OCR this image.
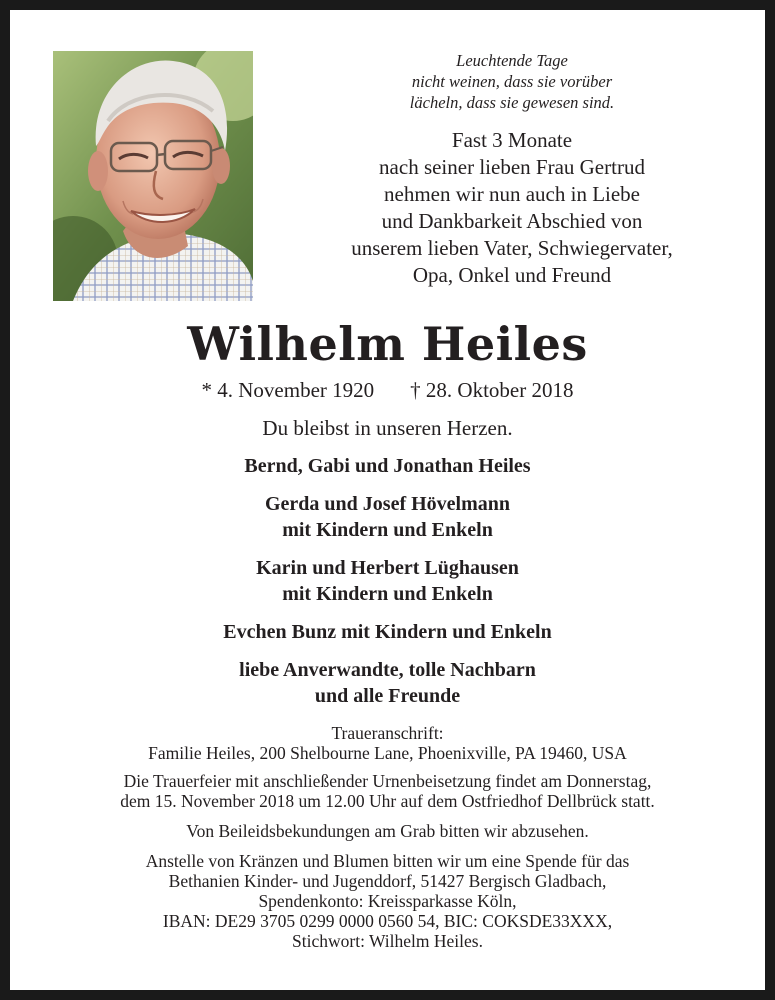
Leuchtende Tage

nicht weinen, dass sie vorüber

lächeln, dass sie gewesen sind.

Fast 3 Monate

nach seiner lieben Frau Gertrud

nehmen wir nun auch in Liebe

und Dankbarkeit Abschied von

unserem lieben Vater, Schwiegervater,

Opa, Onkel und Freund

Wilhelm Heiles
* 4. November 1920 † 28. Oktober 2018

Du bleibst in unseren Herzen.

Bernd, Gabi und Jonathan Heiles

Gerda und Josef Hövelmann
mit Kindern und Enkeln

Karin und Herbert Lüghausen
mit Kindern und Enkeln

Evchen Bunz mit Kindern und Enkeln

liebe Anverwandte, tolle Nachbarn
und alle Freunde

Traueranschrift:
Familie Heiles, 200 Shelbourne Lane, Phoenixville, PA 19460, USA

Die Trauerfeier mit anschließender Urnenbeisetzung findet am Donnerstag,
dem 15. November 2018 um 12.00 Uhr auf dem Ostfriedhof Dellbrück statt.

Von Beileidsbekundungen am Grab bitten wir abzusehen.

Anstelle von Kränzen und Blumen bitten wir um eine Spende für das
Bethanien Kinder- und Jugenddorf, 51427 Bergisch Gladbach,
Spendenkonto: Kreissparkasse Köln,
IBAN: DE29 3705 0299 0000 0560 54, BIC: COKSDE33XXX,
Stichwort: Wilhelm Heiles.
